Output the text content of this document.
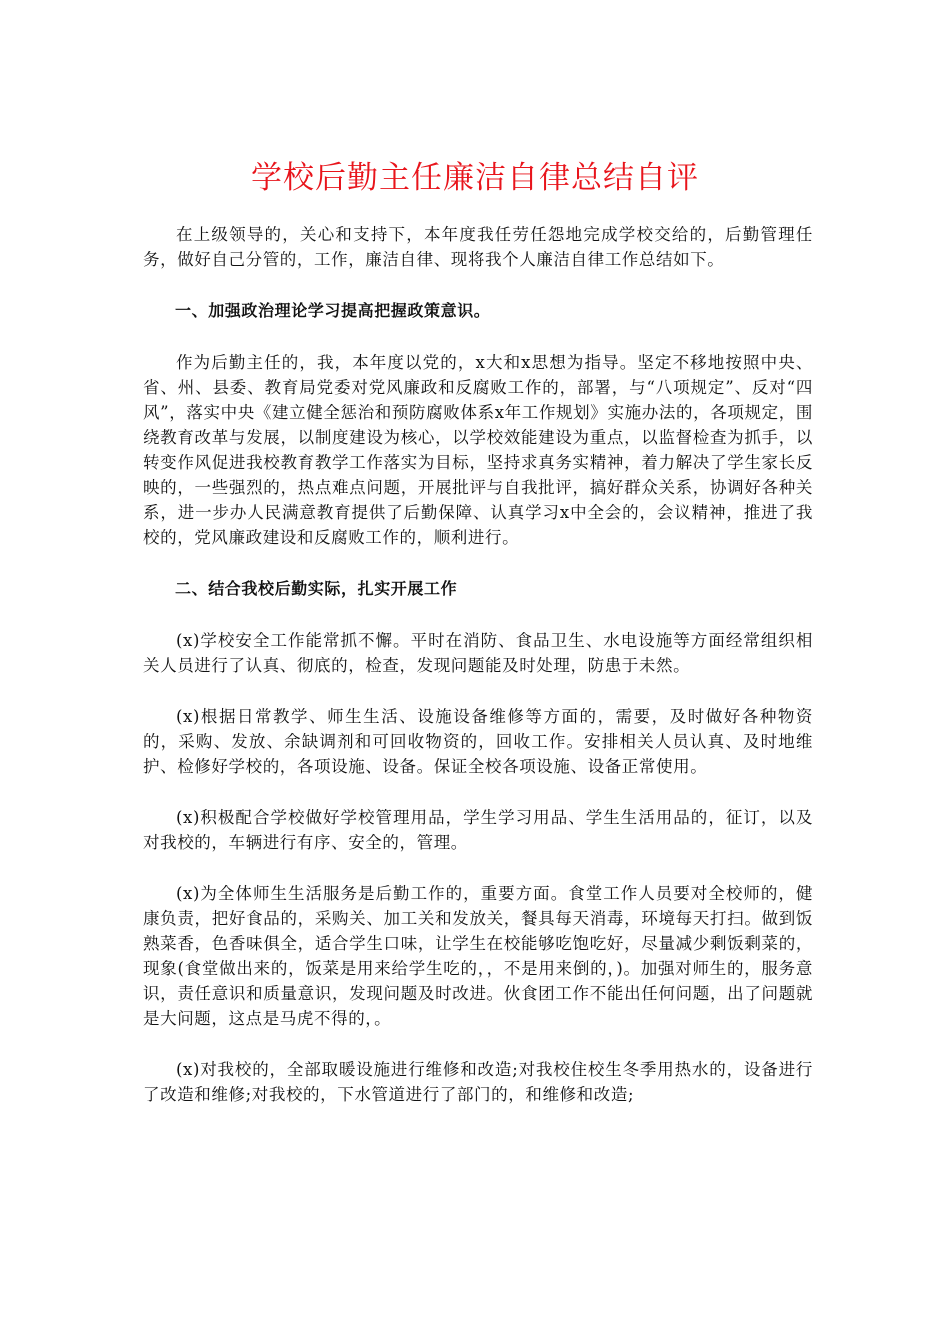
学校后勤主任廉洁自律总结自评

在上级领导的，关心和支持下，本年度我任劳任怨地完成学校交给的，后勤管理任务，做好自己分管的，工作，廉洁自律、现将我个人廉洁自律工作总结如下。

一、加强政治理论学习提高把握政策意识。

作为后勤主任的，我，本年度以党的，x大和x思想为指导。坚定不移地按照中央、省、州、县委、教育局党委对党风廉政和反腐败工作的，部署，与“八项规定”、反对“四风”，落实中央《建立健全惩治和预防腐败体系x年工作规划》实施办法的，各项规定，围绕教育改革与发展，以制度建设为核心，以学校效能建设为重点，以监督检查为抓手，以转变作风促进我校教育教学工作落实为目标，坚持求真务实精神，着力解决了学生家长反映的，一些强烈的，热点难点问题，开展批评与自我批评，搞好群众关系，协调好各种关系，进一步办人民满意教育提供了后勤保障、认真学习x中全会的，会议精神，推进了我校的，党风廉政建设和反腐败工作的，顺利进行。

二、结合我校后勤实际，扎实开展工作

(x)学校安全工作能常抓不懈。平时在消防、食品卫生、水电设施等方面经常组织相关人员进行了认真、彻底的，检查，发现问题能及时处理，防患于未然。

(x)根据日常教学、师生生活、设施设备维修等方面的，需要，及时做好各种物资的，采购、发放、余缺调剂和可回收物资的，回收工作。安排相关人员认真、及时地维护、检修好学校的，各项设施、设备。保证全校各项设施、设备正常使用。

(x)积极配合学校做好学校管理用品，学生学习用品、学生生活用品的，征订，以及对我校的，车辆进行有序、安全的，管理。

(x)为全体师生生活服务是后勤工作的，重要方面。食堂工作人员要对全校师的，健康负责，把好食品的，采购关、加工关和发放关，餐具每天消毒，环境每天打扫。做到饭熟菜香，色香味俱全，适合学生口味，让学生在校能够吃饱吃好，尽量减少剩饭剩菜的，现象(食堂做出来的，饭菜是用来给学生吃的，，不是用来倒的，)。加强对师生的，服务意识，责任意识和质量意识，发现问题及时改进。伙食团工作不能出任何问题，出了问题就是大问题，这点是马虎不得的，。

(x)对我校的，全部取暖设施进行维修和改造;对我校住校生冬季用热水的，设备进行了改造和维修;对我校的，下水管道进行了部门的，和维修和改造;
